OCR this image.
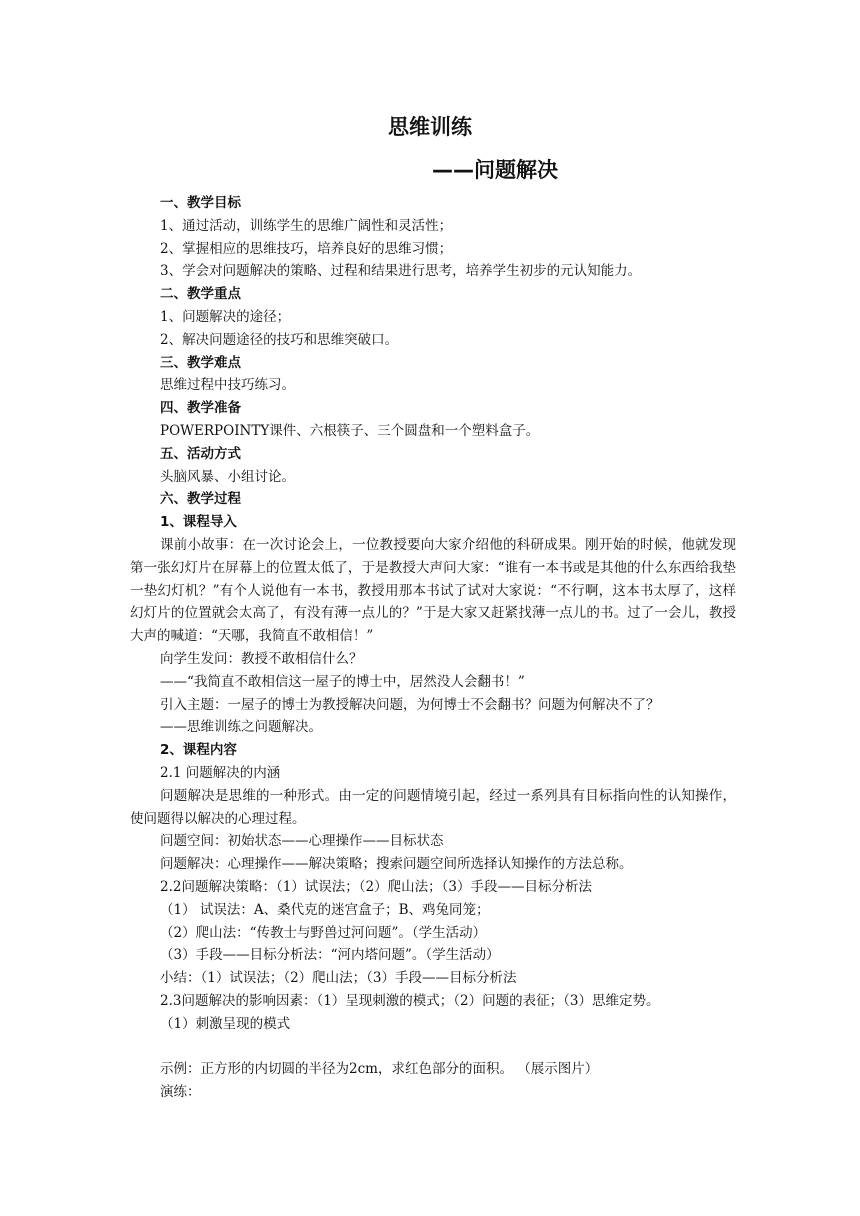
思维训练
——问题解决
一、教学目标
1、通过活动，训练学生的思维广阔性和灵活性；
2、掌握相应的思维技巧，培养良好的思维习惯；
3、学会对问题解决的策略、过程和结果进行思考，培养学生初步的元认知能力。
二、教学重点
1、问题解决的途径；
2、解决问题途径的技巧和思维突破口。
三、教学难点
思维过程中技巧练习。
四、教学准备
POWERPOINTY课件、六根筷子、三个圆盘和一个塑料盒子。
五、活动方式
头脑风暴、小组讨论。
六、教学过程
1、课程导入
课前小故事：在一次讨论会上，一位教授要向大家介绍他的科研成果。刚开始的时候，他就发现第一张幻灯片在屏幕上的位置太低了，于是教授大声问大家：“谁有一本书或是其他的什么东西给我垫一垫幻灯机？”有个人说他有一本书，教授用那本书试了试对大家说：“不行啊，这本书太厚了，这样幻灯片的位置就会太高了，有没有薄一点儿的？”于是大家又赶紧找薄一点儿的书。过了一会儿，教授大声的喊道：“天哪，我简直不敢相信！”
向学生发问：教授不敢相信什么？
——“我简直不敢相信这一屋子的博士中，居然没人会翻书！”
引入主题：一屋子的博士为教授解决问题，为何博士不会翻书？问题为何解决不了？
——思维训练之问题解决。
2、课程内容
2.1 问题解决的内涵
问题解决是思维的一种形式。由一定的问题情境引起，经过一系列具有目标指向性的认知操作，使问题得以解决的心理过程。
问题空间：初始状态——心理操作——目标状态
问题解决：心理操作——解决策略；搜索问题空间所选择认知操作的方法总称。
2.2问题解决策略：（1）试误法；（2）爬山法；（3）手段——目标分析法
（1） 试误法：A、桑代克的迷宫盒子；B、鸡兔同笼；
（2）爬山法：“传教士与野兽过河问题”。（学生活动）
（3）手段——目标分析法：“河内塔问题”。（学生活动）
小结：（1）试误法；（2）爬山法；（3）手段——目标分析法
2.3问题解决的影响因素：（1）呈现刺激的模式；（2）问题的表征；（3）思维定势。
（1）刺激呈现的模式
示例：正方形的内切圆的半径为2cm，求红色部分的面积。 （展示图片）
演练：
